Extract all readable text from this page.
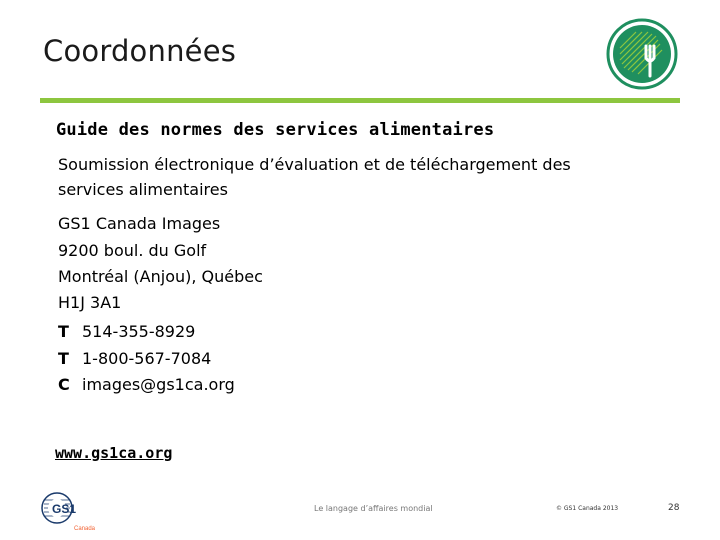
Coordonnées
Guide des normes des services alimentaires
Soumission électronique d’évaluation et de téléchargement des services alimentaires
GS1 Canada Images
9200 boul. du Golf
Montréal (Anjou), Québec
H1J 3A1
T 514-355-8929
T 1-800-567-7084
C images@gs1ca.org
www.gs1ca.org
GS1
Canada
Le langage d’affaires mondial	© GS1 Canada 2013	28
